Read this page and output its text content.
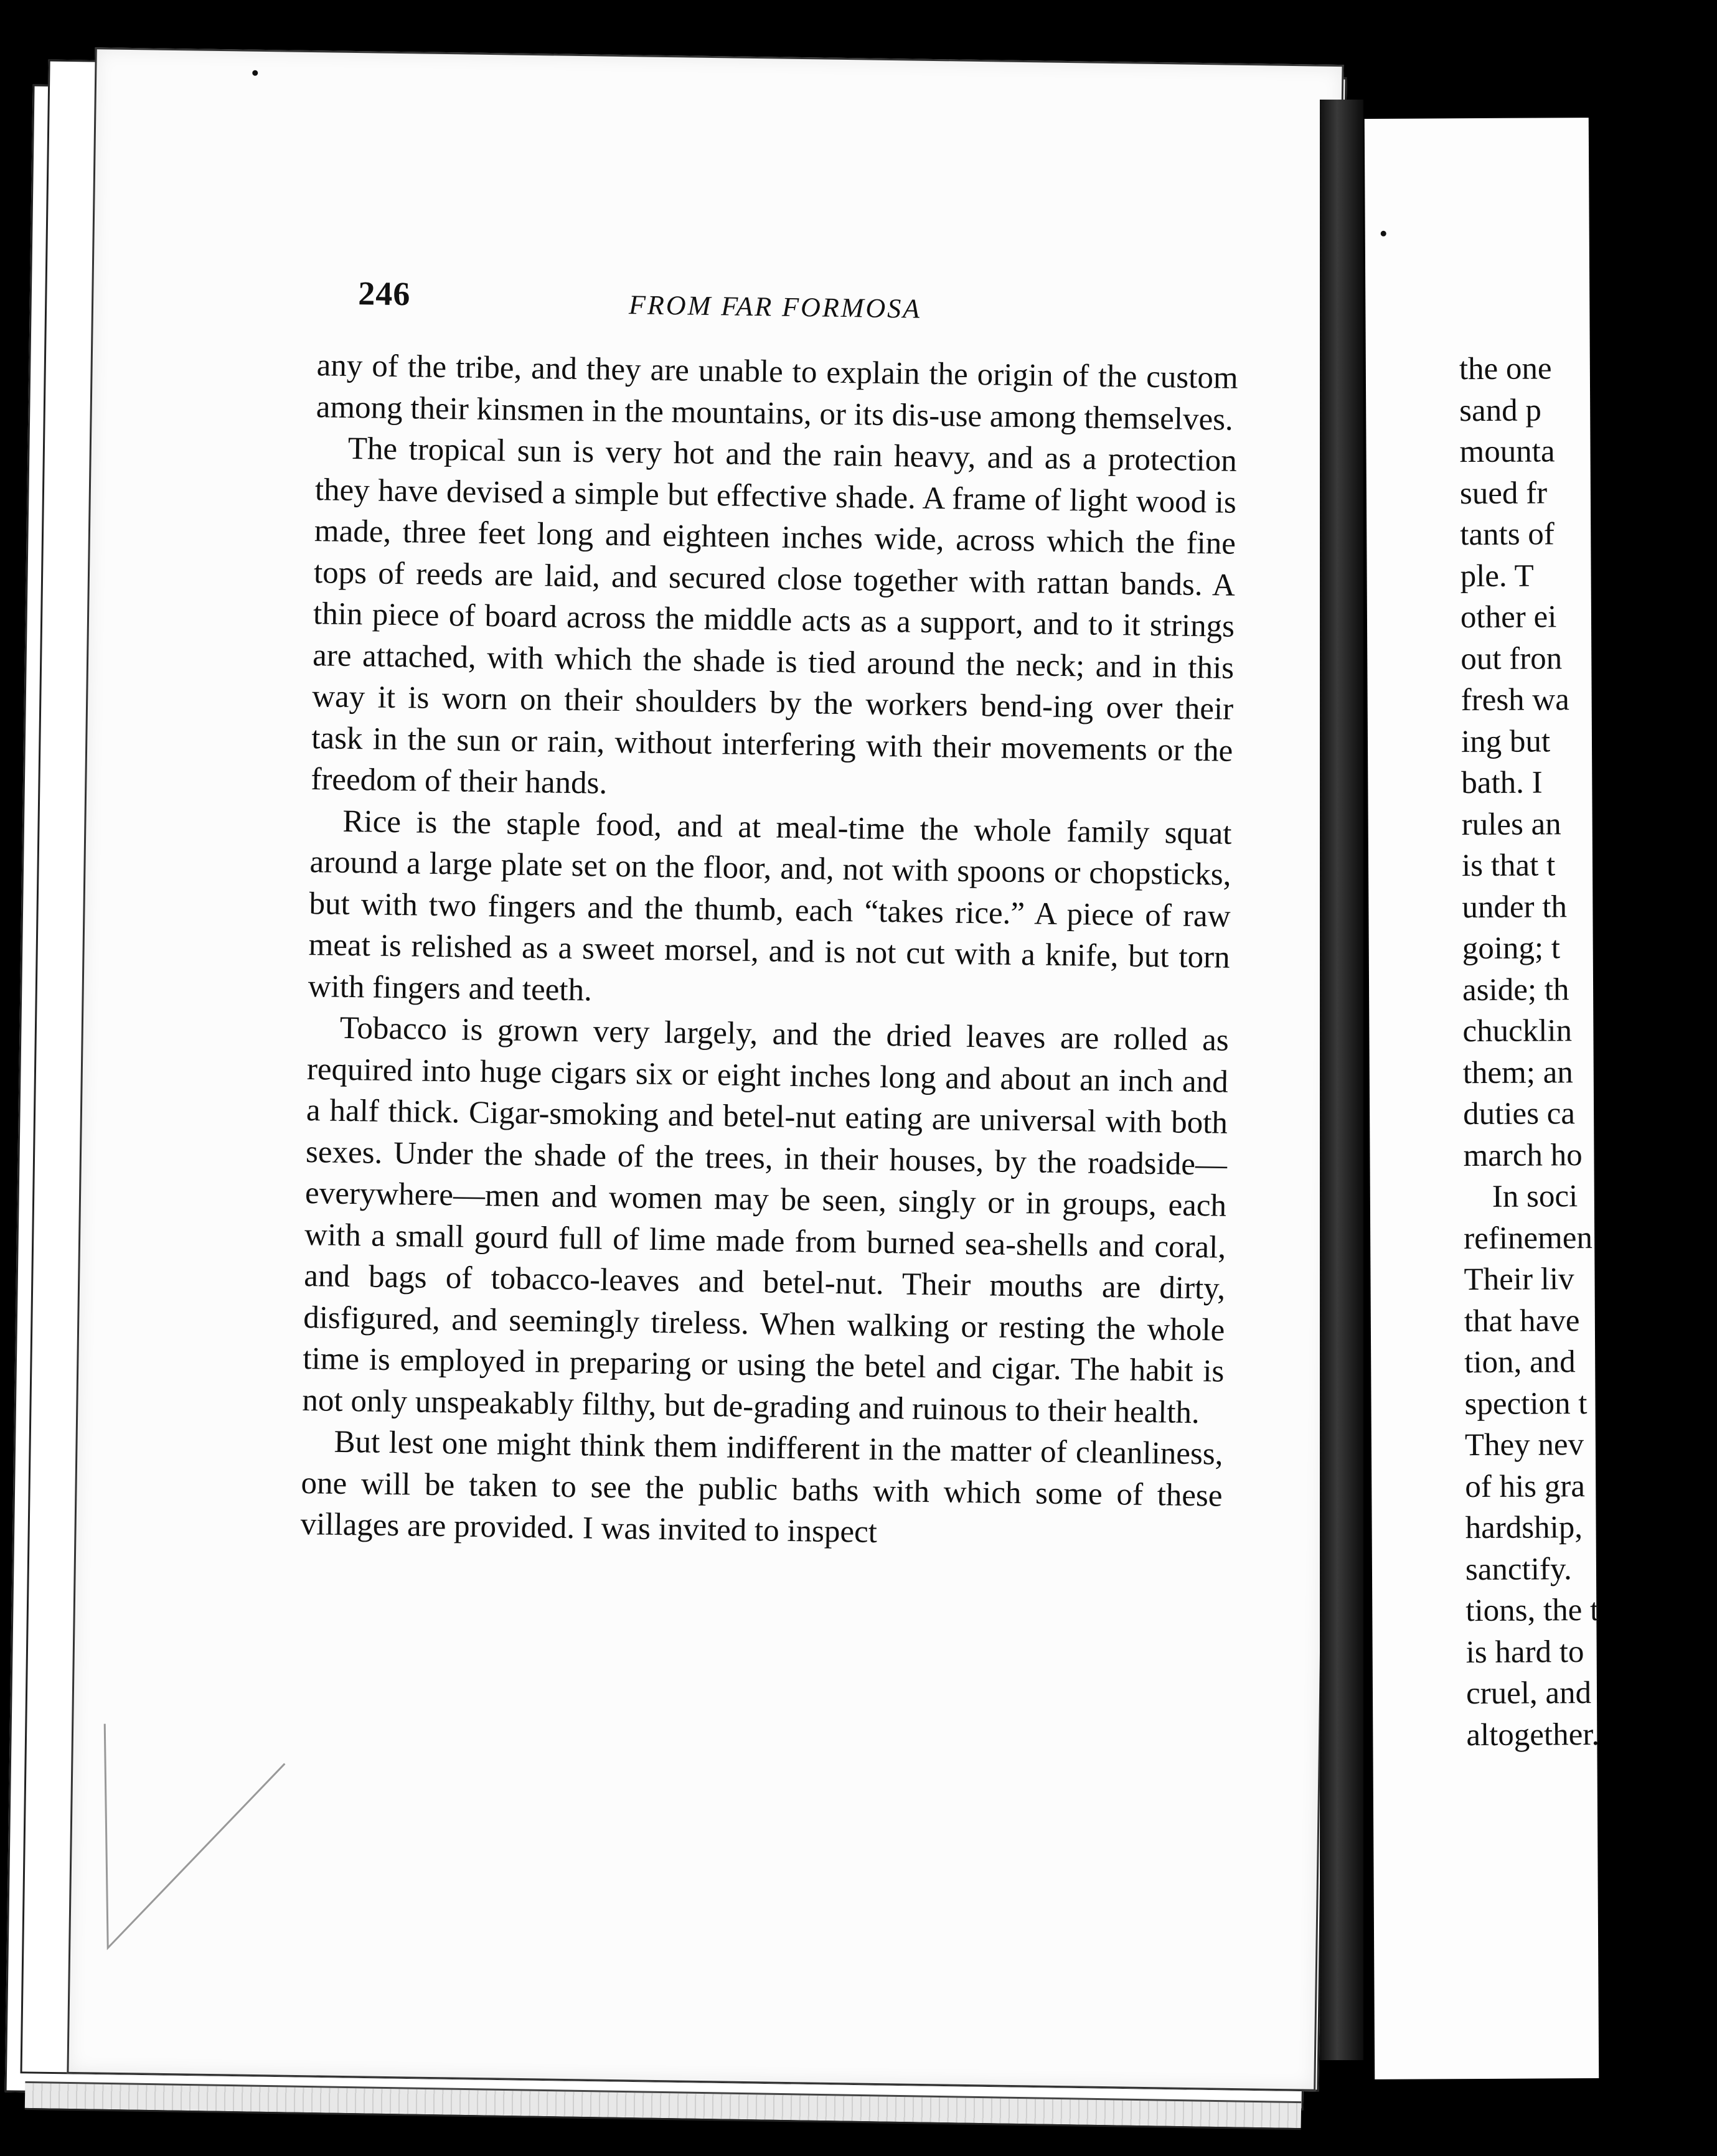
246	FROM FAR FORMOSA

any of the tribe, and they are unable to explain the origin of the custom among their kinsmen in the mountains, or its dis-use among themselves.

The tropical sun is very hot and the rain heavy, and as a protection they have devised a simple but effective shade. A frame of light wood is made, three feet long and eighteen inches wide, across which the fine tops of reeds are laid, and secured close together with rattan bands. A thin piece of board across the middle acts as a support, and to it strings are attached, with which the shade is tied around the neck; and in this way it is worn on their shoulders by the workers bend-ing over their task in the sun or rain, without interfering with their movements or the freedom of their hands.

Rice is the staple food, and at meal-time the whole family squat around a large plate set on the floor, and, not with spoons or chopsticks, but with two fingers and the thumb, each “takes rice.” A piece of raw meat is relished as a sweet morsel, and is not cut with a knife, but torn with fingers and teeth.

Tobacco is grown very largely, and the dried leaves are rolled as required into huge cigars six or eight inches long and about an inch and a half thick. Cigar-smoking and betel-nut eating are universal with both sexes. Under the shade of the trees, in their houses, by the roadside—everywhere—men and women may be seen, singly or in groups, each with a small gourd full of lime made from burned sea-shells and coral, and bags of tobacco-leaves and betel-nut. Their mouths are dirty, disfigured, and seemingly tireless. When walking or resting the whole time is employed in preparing or using the betel and cigar. The habit is not only unspeakably filthy, but de-grading and ruinous to their health.

But lest one might think them indifferent in the matter of cleanliness, one will be taken to see the public baths with which some of these villages are provided. I was invited to inspect

the one
sand p
mounta
sued fr
tants of
ple. T
other ei
out fron
fresh wa
ing but
bath. I
rules an
is that t
under th
going; t
aside; th
chucklin
them; an
duties ca
march ho
In soci
refinemen
Their liv
that have
tion, and
spection t
They nev
of his gra
hardship,
sanctify.
tions, the t
is hard to
cruel, and
altogether.
